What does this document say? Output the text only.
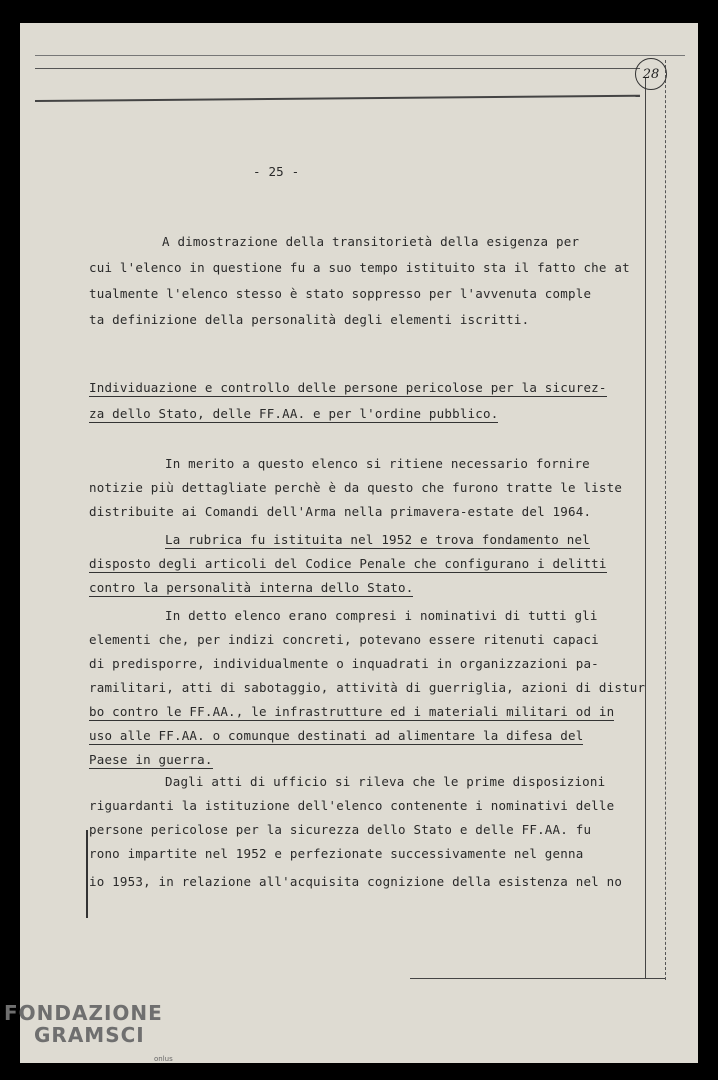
28
- 25 -
A dimostrazione della transitorietà della esigenza per
cui l'elenco in questione fu a suo tempo istituito sta il fatto che at
tualmente l'elenco stesso è stato soppresso per l'avvenuta comple
ta definizione della personalità degli elementi iscritti.
Individuazione e controllo delle persone pericolose per la sicurez-
za dello Stato, delle FF.AA. e per l'ordine pubblico.
In merito a questo elenco si ritiene necessario fornire
notizie più dettagliate perchè è da questo che furono tratte le liste
distribuite ai Comandi dell'Arma nella primavera-estate del 1964.
La rubrica fu istituita nel 1952 e trova fondamento nel
disposto degli articoli del Codice Penale che configurano i delitti
contro la personalità interna dello Stato.
In detto elenco erano compresi i nominativi di tutti gli
elementi che, per indizi concreti, potevano essere ritenuti capaci
di predisporre, individualmente o inquadrati in organizzazioni pa-
ramilitari, atti di sabotaggio, attività di guerriglia, azioni di distur
bo contro le FF.AA., le infrastrutture ed i materiali militari od in
uso alle FF.AA. o comunque destinati ad alimentare la difesa del
Paese in guerra.
Dagli atti di ufficio si rileva che le prime disposizioni
riguardanti la istituzione dell'elenco contenente i nominativi delle
persone pericolose per la sicurezza dello Stato e delle FF.AA. fu
rono impartite nel 1952 e perfezionate successivamente nel genna
io 1953, in relazione all'acquisita cognizione della esistenza nel no
FONDAZIONE
GRAMSCI
onlus
